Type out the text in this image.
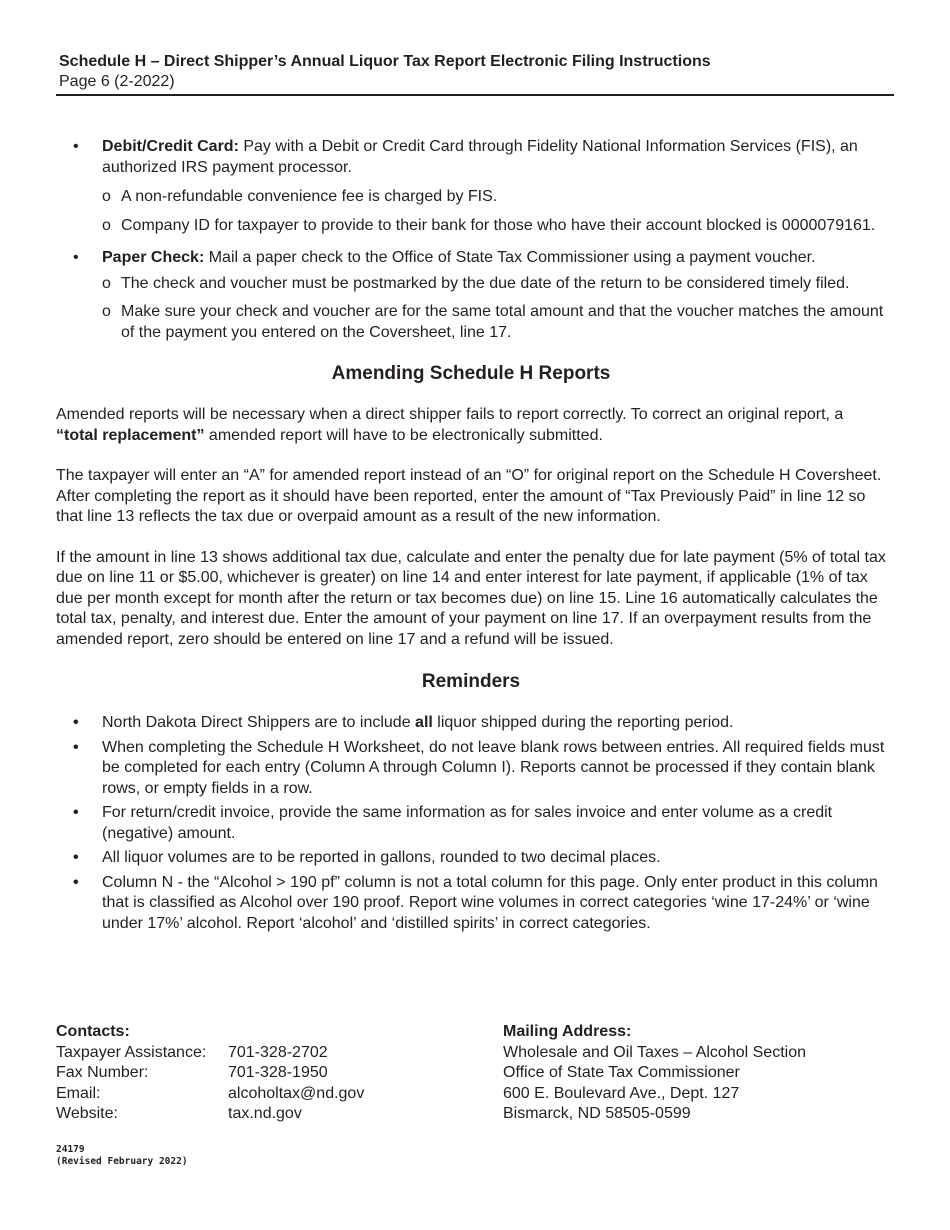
Schedule H – Direct Shipper’s Annual Liquor Tax Report Electronic Filing Instructions
Page 6 (2-2022)
• Debit/Credit Card: Pay with a Debit or Credit Card through Fidelity National Information Services (FIS), an authorized IRS payment processor.
o A non-refundable convenience fee is charged by FIS.
o Company ID for taxpayer to provide to their bank for those who have their account blocked is 0000079161.
• Paper Check: Mail a paper check to the Office of State Tax Commissioner using a payment voucher.
o The check and voucher must be postmarked by the due date of the return to be considered timely filed.
o Make sure your check and voucher are for the same total amount and that the voucher matches the amount of the payment you entered on the Coversheet, line 17.
Amending Schedule H Reports

Amended reports will be necessary when a direct shipper fails to report correctly. To correct an original report, a “total replacement” amended report will have to be electronically submitted.

The taxpayer will enter an “A” for amended report instead of an “O” for original report on the Schedule H Coversheet. After completing the report as it should have been reported, enter the amount of “Tax Previously Paid” in line 12 so that line 13 reflects the tax due or overpaid amount as a result of the new information.

If the amount in line 13 shows additional tax due, calculate and enter the penalty due for late payment (5% of total tax due on line 11 or $5.00, whichever is greater) on line 14 and enter interest for late payment, if applicable (1% of tax due per month except for month after the return or tax becomes due) on line 15. Line 16 automatically calculates the total tax, penalty, and interest due. Enter the amount of your payment on line 17. If an overpayment results from the amended report, zero should be entered on line 17 and a refund will be issued.

Reminders
• North Dakota Direct Shippers are to include all liquor shipped during the reporting period.
• When completing the Schedule H Worksheet, do not leave blank rows between entries. All required fields must be completed for each entry (Column A through Column I). Reports cannot be processed if they contain blank rows, or empty fields in a row.
• For return/credit invoice, provide the same information as for sales invoice and enter volume as a credit (negative) amount.
• All liquor volumes are to be reported in gallons, rounded to two decimal places.
• Column N - the “Alcohol > 190 pf” column is not a total column for this page. Only enter product in this column that is classified as Alcohol over 190 proof. Report wine volumes in correct categories ‘wine 17-24%’ or ‘wine under 17%’ alcohol. Report ‘alcohol’ and ‘distilled spirits’ in correct categories.
Contacts:
Taxpayer Assistance:	701-328-2702
Fax Number:	701-328-1950
Email:	alcoholtax@nd.gov
Website:	tax.nd.gov
Mailing Address:
Wholesale and Oil Taxes – Alcohol Section
Office of State Tax Commissioner
600 E. Boulevard Ave., Dept. 127
Bismarck, ND 58505-0599
24179
(Revised February 2022)
